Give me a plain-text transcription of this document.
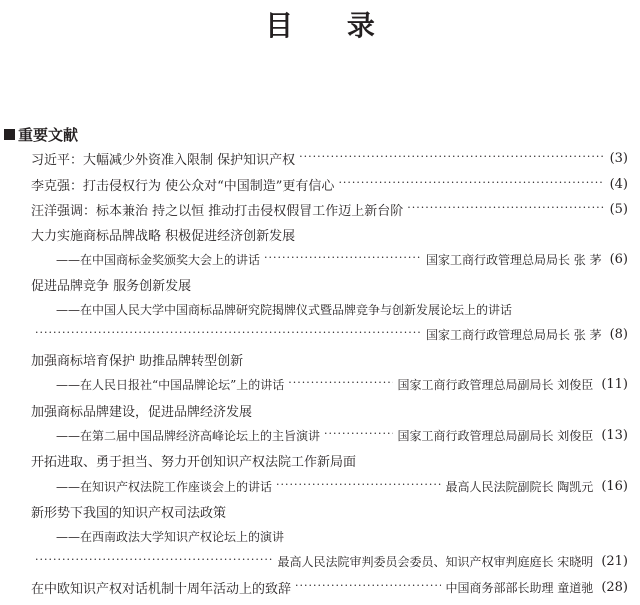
目 录
重要文献
习近平：大幅减少外资准入限制 保护知识产权 ·····	(3)
李克强：打击侵权行为 使公众对“中国制造”更有信心 ·····	(4)
汪洋强调：标本兼治 持之以恒 推动打击侵权假冒工作迈上新台阶 ·····	(5)
大力实施商标品牌战略 积极促进经济创新发展
——在中国商标金奖颁奖大会上的讲话 ·····	国家工商行政管理总局局长 张 茅 (6)
促进品牌竞争 服务创新发展
——在中国人民大学中国商标品牌研究院揭牌仪式暨品牌竞争与创新发展论坛上的讲话
·····
国家工商行政管理总局局长 张 茅 (8)
加强商标培育保护 助推品牌转型创新
——在人民日报社“中国品牌论坛”上的讲话 ·····	国家工商行政管理总局副局长 刘俊臣 (11)
加强商标品牌建设，促进品牌经济发展
——在第二届中国品牌经济高峰论坛上的主旨演讲 ·····	国家工商行政管理总局副局长 刘俊臣 (13)
开拓进取、勇于担当、努力开创知识产权法院工作新局面
——在知识产权法院工作座谈会上的讲话 ·····	最高人民法院副院长 陶凯元 (16)
新形势下我国的知识产权司法政策
——在西南政法大学知识产权论坛上的演讲
·····
最高人民法院审判委员会委员、知识产权审判庭庭长 宋晓明 (21)
在中欧知识产权对话机制十周年活动上的致辞 ·····	中国商务部部长助理 童道驰 (28)
